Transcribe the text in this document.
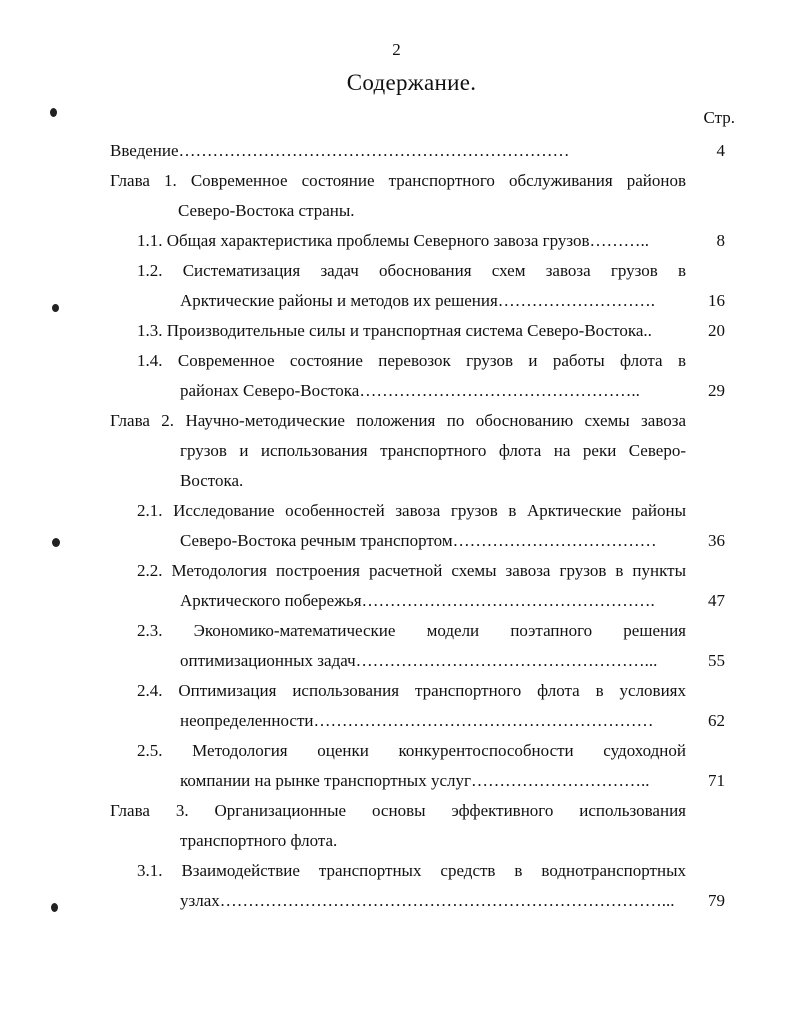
2
Содержание.
Стр.
Введение……………………………………………………………	4
Глава 1. Современное состояние транспортного обслуживания районов
Северо-Востока страны.
1.1. Общая характеристика проблемы Северного завоза грузов………..	8
1.2. Систематизация задач обоснования схем завоза грузов в
Арктические районы и методов их решения……………………….	16
1.3. Производительные силы и транспортная система Северо-Востока..	20
1.4. Современное состояние перевозок грузов и работы флота в
районах Северо-Востока…………………………………………..	29
Глава 2. Научно-методические положения по обоснованию схемы завоза
грузов и использования транспортного флота на реки Северо-
Востока.
2.1. Исследование особенностей завоза грузов в Арктические районы
Северо-Востока речным транспортом………………………………	36
2.2. Методология построения расчетной схемы завоза грузов в пункты
Арктического побережья…………………………………………….	47
2.3. Экономико-математические модели поэтапного решения
оптимизационных задач……………………………………………...	55
2.4. Оптимизация использования транспортного флота в условиях
неопределенности……………………………………………………	62
2.5. Методология оценки конкурентоспособности судоходной
компании на рынке транспортных услуг…………………………..	71
Глава 3. Организационные основы эффективного использования
транспортного флота.
3.1. Взаимодействие транспортных средств в воднотранспортных
узлах……………………………………………………………………...	79
